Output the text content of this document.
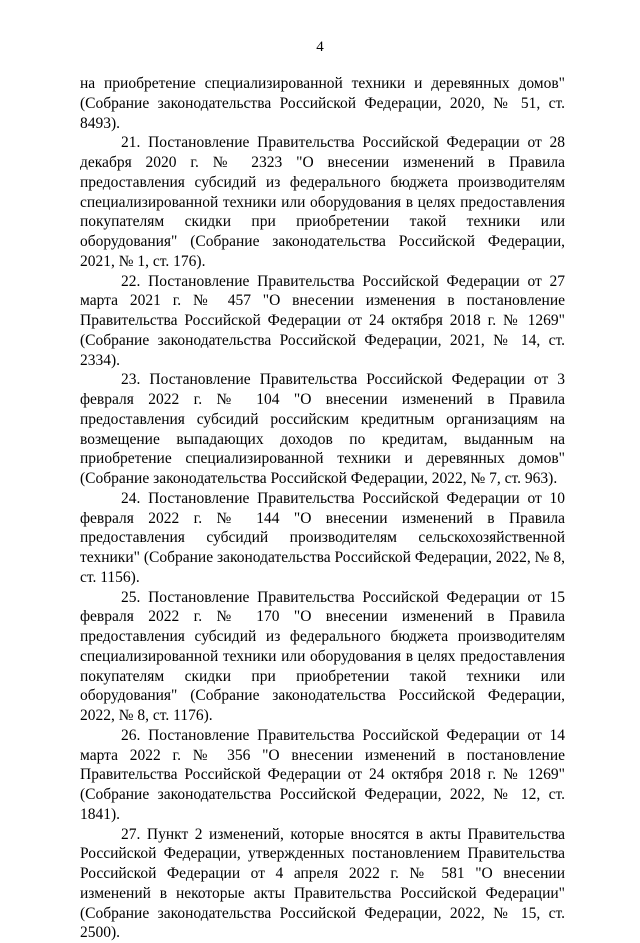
4

на приобретение специализированной техники и деревянных домов" (Собрание законодательства Российской Федерации, 2020, № 51, ст. 8493).

21. Постановление Правительства Российской Федерации от 28 декабря 2020 г. № 2323 "О внесении изменений в Правила предоставления субсидий из федерального бюджета производителям специализированной техники или оборудования в целях предоставления покупателям скидки при приобретении такой техники или оборудования" (Собрание законодательства Российской Федерации, 2021, № 1, ст. 176).

22. Постановление Правительства Российской Федерации от 27 марта 2021 г. № 457 "О внесении изменения в постановление Правительства Российской Федерации от 24 октября 2018 г. № 1269" (Собрание законодательства Российской Федерации, 2021, № 14, ст. 2334).

23. Постановление Правительства Российской Федерации от 3 февраля 2022 г. № 104 "О внесении изменений в Правила предоставления субсидий российским кредитным организациям на возмещение выпадающих доходов по кредитам, выданным на приобретение специализированной техники и деревянных домов" (Собрание законодательства Российской Федерации, 2022, № 7, ст. 963).

24. Постановление Правительства Российской Федерации от 10 февраля 2022 г. № 144 "О внесении изменений в Правила предоставления субсидий производителям сельскохозяйственной техники" (Собрание законодательства Российской Федерации, 2022, № 8, ст. 1156).

25. Постановление Правительства Российской Федерации от 15 февраля 2022 г. № 170 "О внесении изменений в Правила предоставления субсидий из федерального бюджета производителям специализированной техники или оборудования в целях предоставления покупателям скидки при приобретении такой техники или оборудования" (Собрание законодательства Российской Федерации, 2022, № 8, ст. 1176).

26. Постановление Правительства Российской Федерации от 14 марта 2022 г. № 356 "О внесении изменений в постановление Правительства Российской Федерации от 24 октября 2018 г. № 1269" (Собрание законодательства Российской Федерации, 2022, № 12, ст. 1841).

27. Пункт 2 изменений, которые вносятся в акты Правительства Российской Федерации, утвержденных постановлением Правительства Российской Федерации от 4 апреля 2022 г. № 581 "О внесении изменений в некоторые акты Правительства Российской Федерации" (Собрание законодательства Российской Федерации, 2022, № 15, ст. 2500).
